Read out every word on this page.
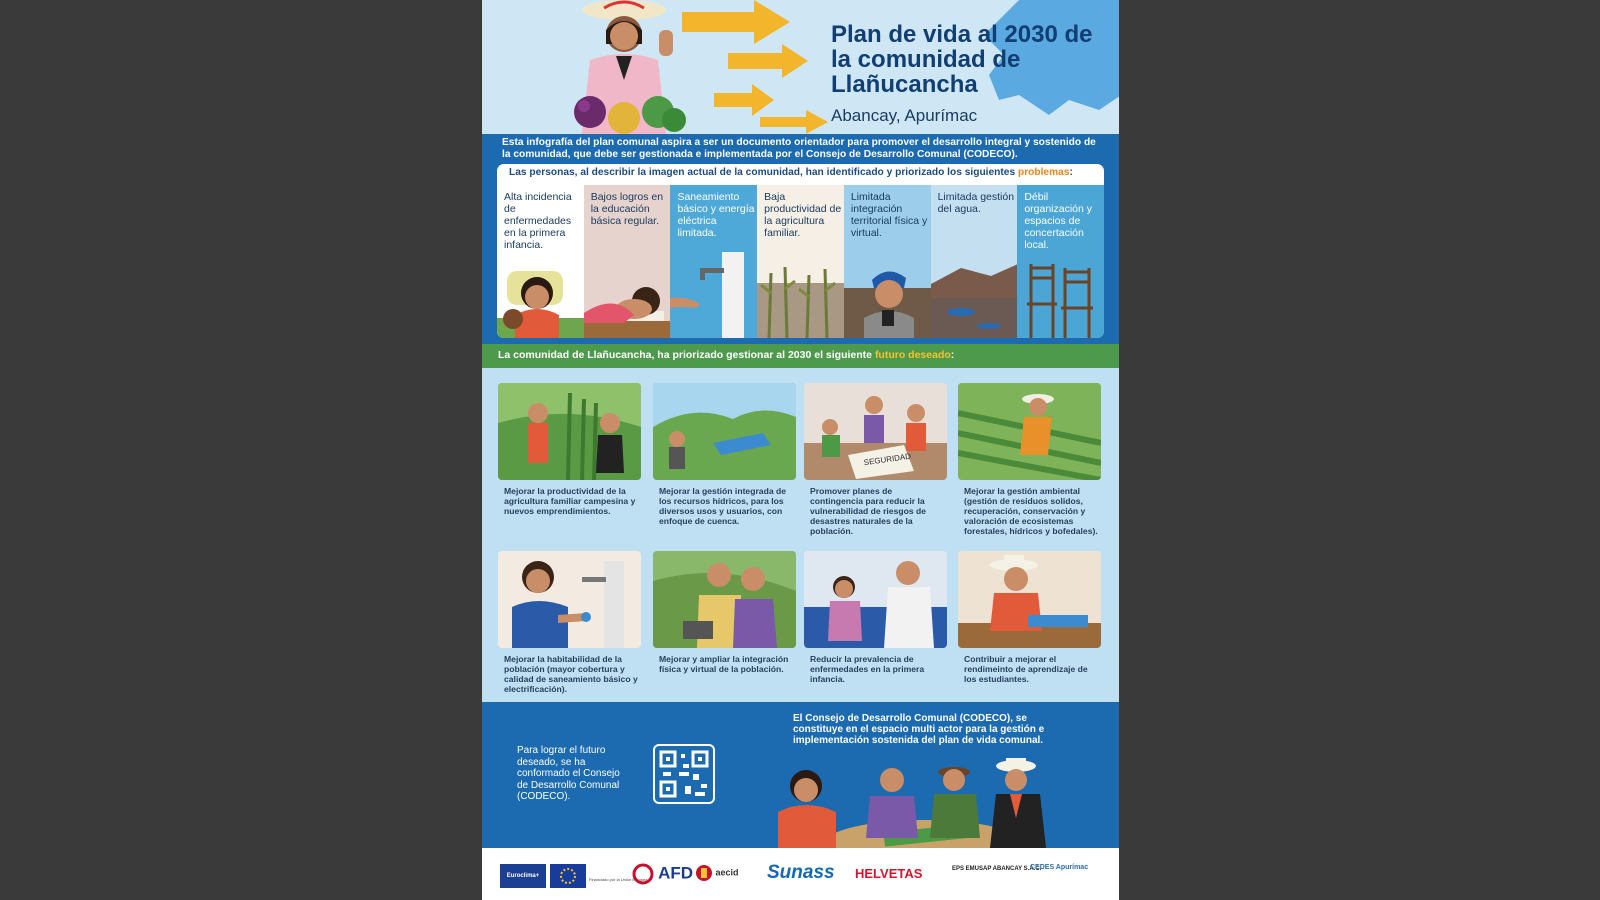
Plan de vida al 2030 de la comunidad de Llañucancha
Abancay, Apurímac
Esta infografía del plan comunal aspira a ser un documento orientador para promover el desarrollo integral y sostenido de la comunidad, que debe ser gestionada e implementada por el Consejo de Desarrollo Comunal (CODECO).
Las personas, al describir la imagen actual de la comunidad, han identificado y priorizado los siguientes problemas:
Alta incidencia de enfermedades en la primera infancia.
Bajos logros en la educación básica regular.
Saneamiento básico y energía eléctrica limitada.
Baja productividad de la agricultura familiar.
Limitada integración territorial física y virtual.
Limitada gestión del agua.
Débil organización y espacios de concertación local.
La comunidad de Llañucancha, ha priorizado gestionar al 2030 el siguiente futuro deseado:
Mejorar la productividad de la agricultura familiar campesina y nuevos emprendimientos.
Mejorar la gestión integrada de los recursos hídricos, para los diversos usos y usuarios, con enfoque de cuenca.
SEGURIDAD
Promover planes de contingencia para reducir la vulnerabilidad de riesgos de desastres naturales de la población.
Mejorar la gestión ambiental (gestión de residuos solidos, recuperación, conservación y valoración de ecosistemas forestales, hídricos y bofedales).
Mejorar la habitabilidad de la población (mayor cobertura y calidad de saneamiento básico y electrificación).
Mejorar y ampliar la integración física y virtual de la población.
Reducir la prevalencia de enfermedades en la primera infancia.
Contribuir a mejorar el rendimeinto de aprendizaje de los estudiantes.
Para lograr el futuro deseado, se ha conformado el Consejo de Desarrollo Comunal (CODECO).
El Consejo de Desarrollo Comunal (CODECO), se constituye en el espacio multi actor para la gestión e implementación sostenida del plan de vida comunal.
Euroclima+
Financiado por la Unión Europea AFD	aecid Sunass HELVETAS	EPS EMUSAP ABANCAY S.A.C.
CEDES Apurímac
